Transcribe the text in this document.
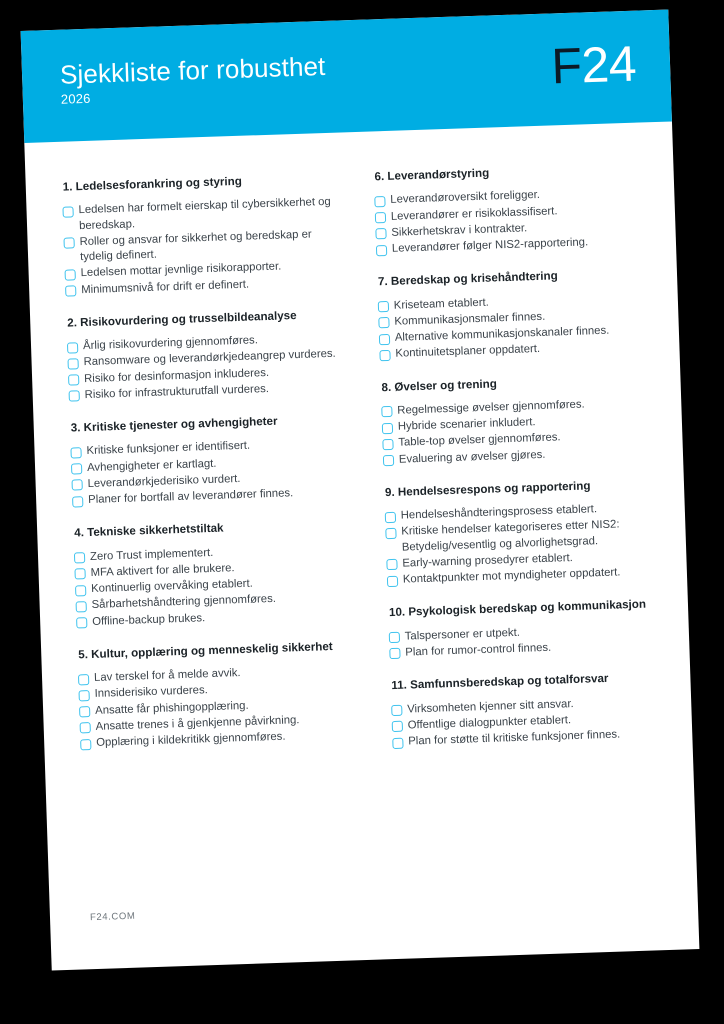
Sjekkliste for robusthet
2026
F24
1. Ledelsesforankring og styring
Ledelsen har formelt eierskap til cybersikkerhet og beredskap.
Roller og ansvar for sikkerhet og beredskap er tydelig definert.
Ledelsen mottar jevnlige risikorapporter.
Minimumsnivå for drift er definert.
2. Risikovurdering og trusselbildeanalyse
Årlig risikovurdering gjennomføres.
Ransomware og leverandørkjedeangrep vurderes.
Risiko for desinformasjon inkluderes.
Risiko for infrastrukturutfall vurderes.
3. Kritiske tjenester og avhengigheter
Kritiske funksjoner er identifisert.
Avhengigheter er kartlagt.
Leverandørkjederisiko vurdert.
Planer for bortfall av leverandører finnes.
4. Tekniske sikkerhetstiltak
Zero Trust implementert.
MFA aktivert for alle brukere.
Kontinuerlig overvåking etablert.
Sårbarhetshåndtering gjennomføres.
Offline-backup brukes.
5. Kultur, opplæring og menneskelig sikkerhet
Lav terskel for å melde avvik.
Innsiderisiko vurderes.
Ansatte får phishingopplæring.
Ansatte trenes i å gjenkjenne påvirkning.
Opplæring i kildekritikk gjennomføres.
6. Leverandørstyring
Leverandøroversikt foreligger.
Leverandører er risikoklassifisert.
Sikkerhetskrav i kontrakter.
Leverandører følger NIS2-rapportering.
7. Beredskap og krisehåndtering
Kriseteam etablert.
Kommunikasjonsmaler finnes.
Alternative kommunikasjonskanaler finnes.
Kontinuitetsplaner oppdatert.
8. Øvelser og trening
Regelmessige øvelser gjennomføres.
Hybride scenarier inkludert.
Table-top øvelser gjennomføres.
Evaluering av øvelser gjøres.
9. Hendelsesrespons og rapportering
Hendelseshåndteringsprosess etablert.
Kritiske hendelser kategoriseres etter NIS2: Betydelig/vesentlig og alvorlighetsgrad.
Early-warning prosedyrer etablert.
Kontaktpunkter mot myndigheter oppdatert.
10. Psykologisk beredskap og kommunikasjon
Talspersoner er utpekt.
Plan for rumor-control finnes.
11. Samfunnsberedskap og totalforsvar
Virksomheten kjenner sitt ansvar.
Offentlige dialogpunkter etablert.
Plan for støtte til kritiske funksjoner finnes.
F24.COM
